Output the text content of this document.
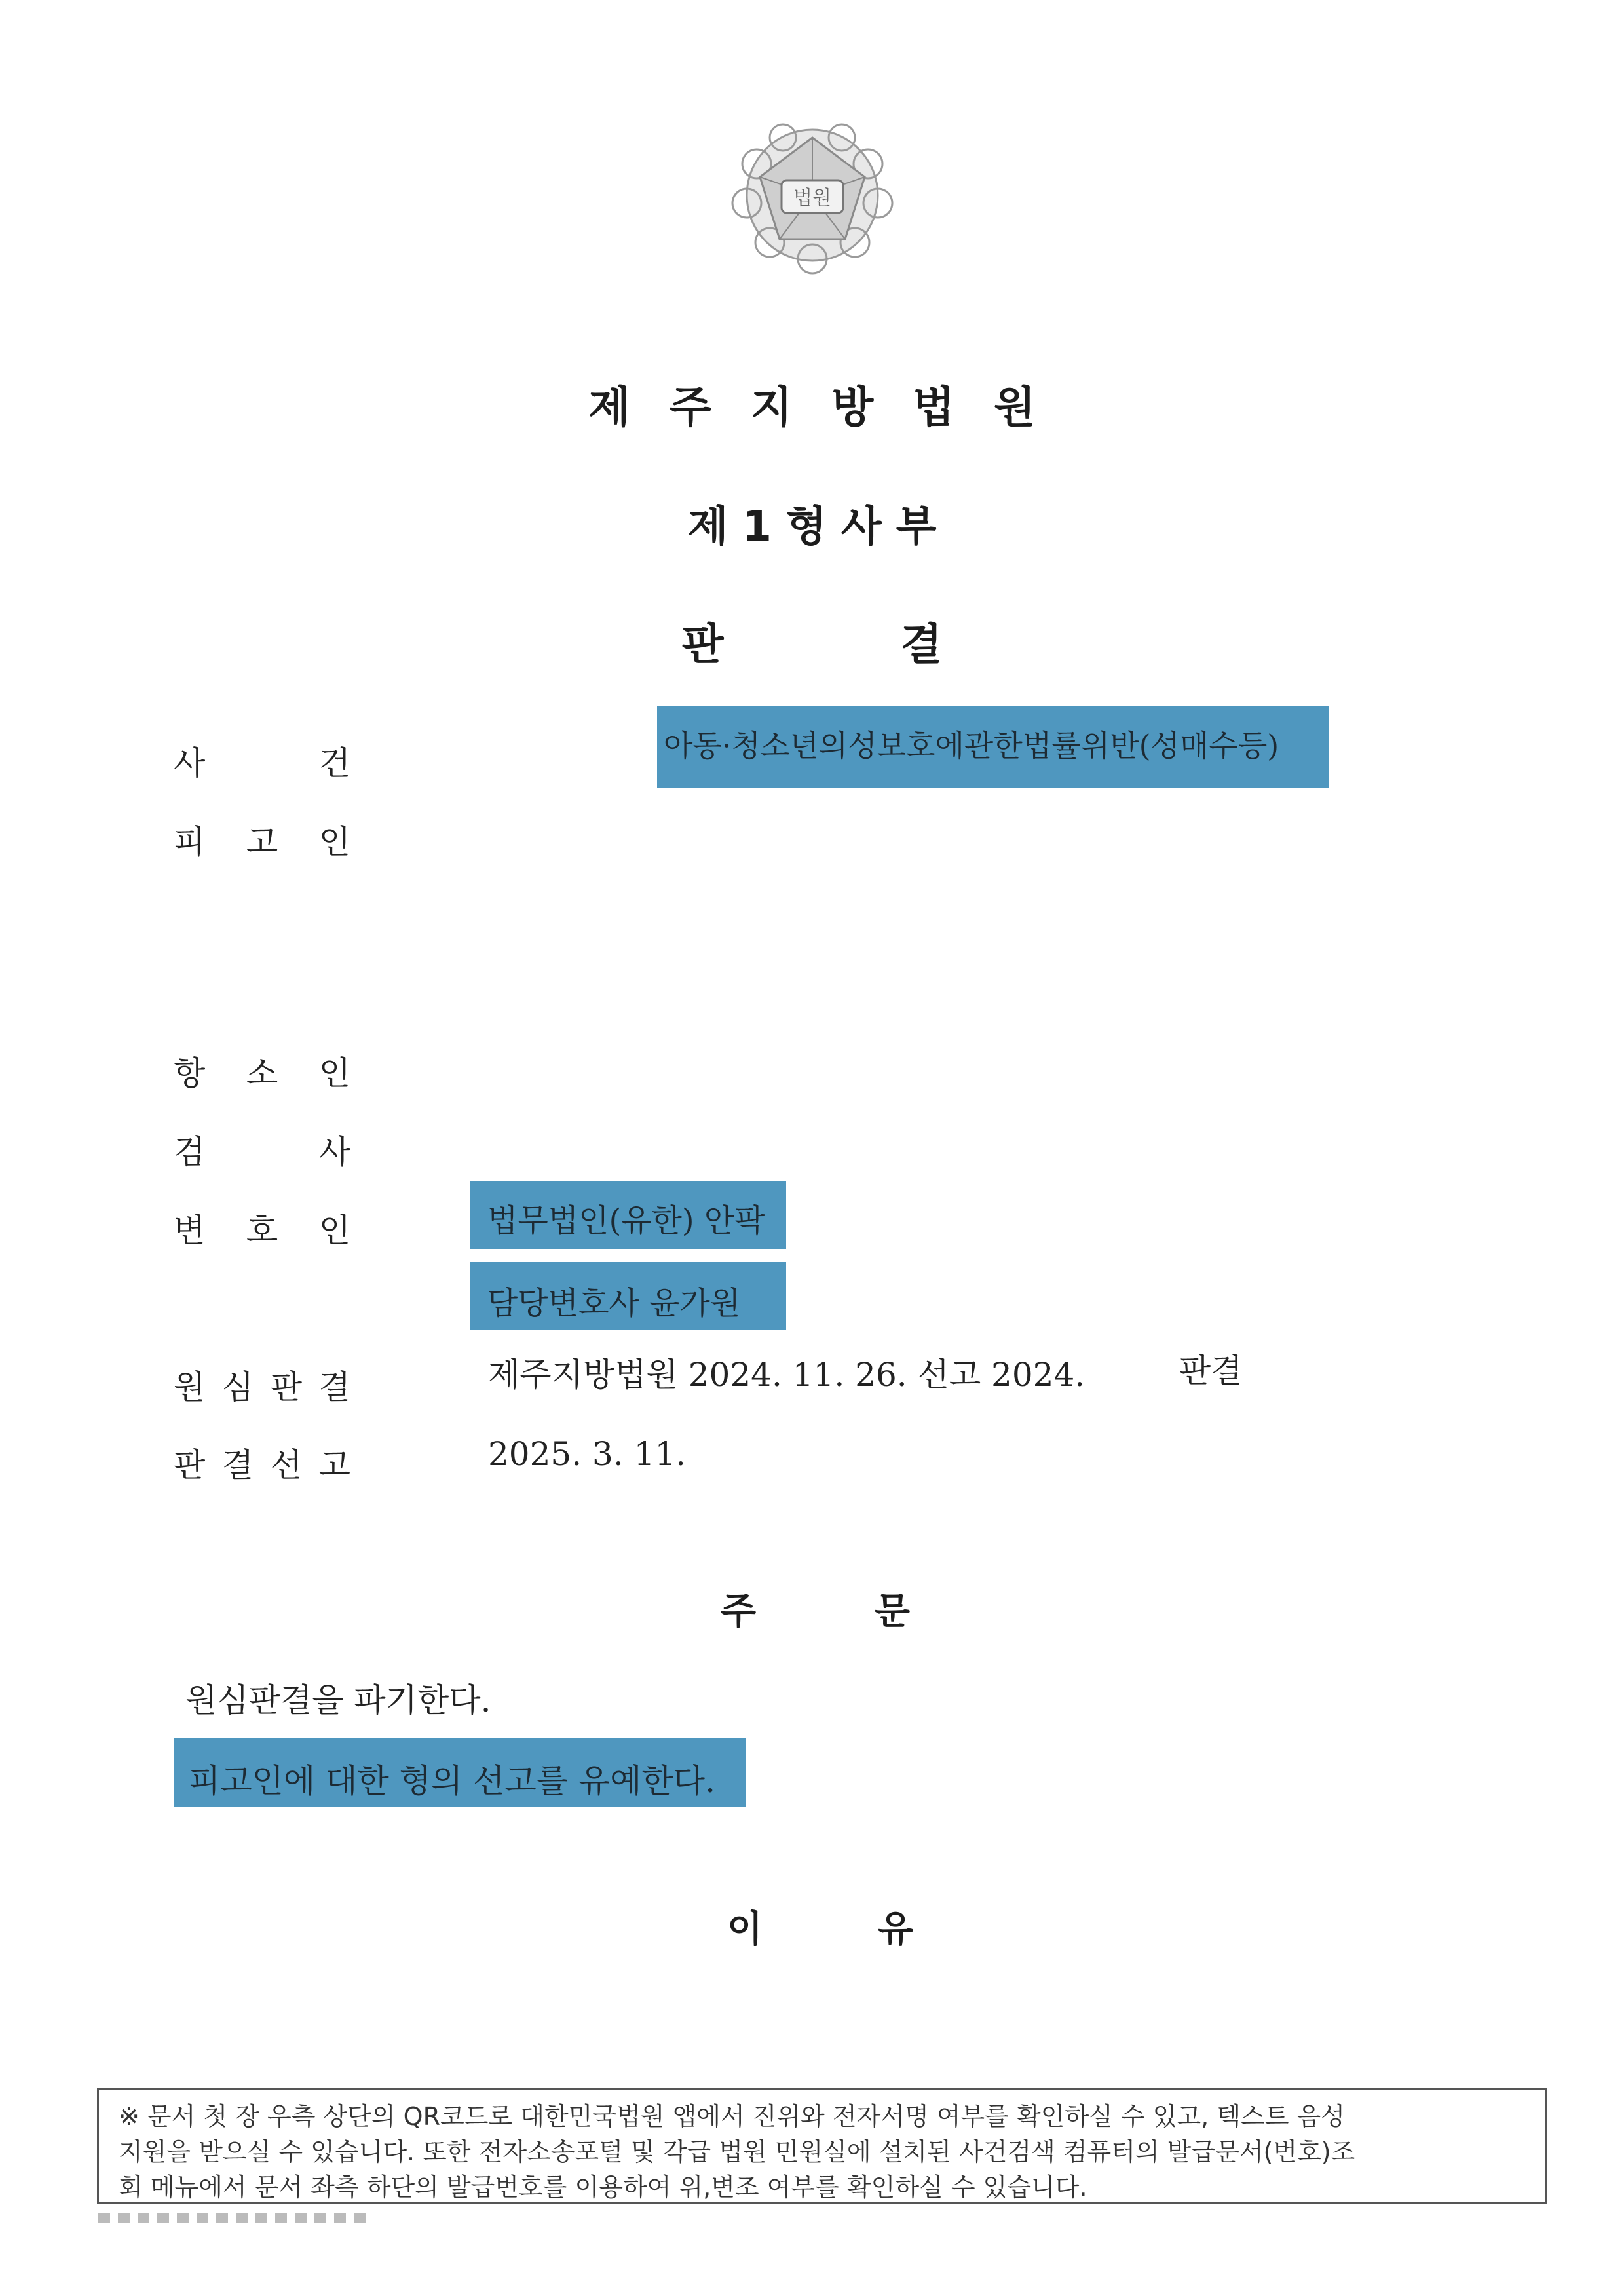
법원
제주지방법원
제1형사부
판	결
사	건	아동·청소년의성보호에관한법률위반(성매수등)
피 고 인
항 소 인
검	사
변 호 인	법무법인(유한) 안팍
담당변호사 윤가원
원 심 판 결	제주지방법원 2024. 11. 26. 선고 2024.	판결
판 결 선 고	2025. 3. 11.
주	문
원심판결을 파기한다.
피고인에 대한 형의 선고를 유예한다.
이	유
※ 문서 첫 장 우측 상단의 QR코드로 대한민국법원 앱에서 진위와 전자서명 여부를 확인하실 수 있고, 텍스트 음성
지원을 받으실 수 있습니다. 또한 전자소송포털 및 각급 법원 민원실에 설치된 사건검색 컴퓨터의 발급문서(번호)조
회 메뉴에서 문서 좌측 하단의 발급번호를 이용하여 위,변조 여부를 확인하실 수 있습니다.
